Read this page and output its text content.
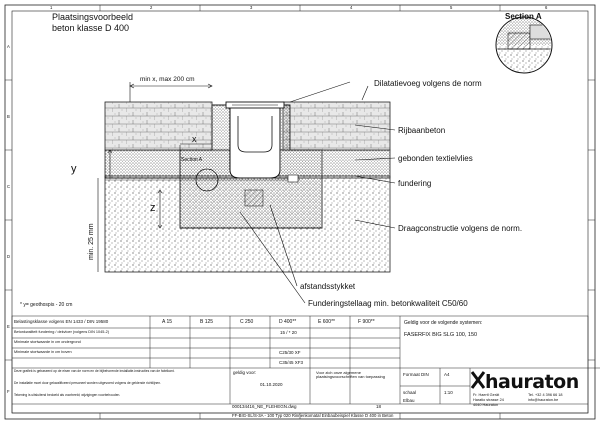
Plaatsingsvoorbeeld
beton klasse D 400
Section A
1	2	3	4	5	6
A
B
C
D
E
F
min x, max 200 cm
x
y
z
Section A
min. 25 mm
Dilatatievoeg volgens de norm
Rijbaanbeton
gebonden textielvlies
fundering
Draagconstructie volgens de norm.
afstandsstykket
Funderingstellaag min. betonkwaliteit C50/60
* y= geothospis - 20 cm
Belastingsklasse volgens EN 1433 / DIN 19580	A 15	B 125	C 250	D 400**	E 600**	F 900**
Betonkwaliteit fundering / dekvloer (volgens DIN 1045-2)	15 / * 20
Minimale stortwaarde in cm ondergrond
Minimale stortwaarde in cm boven	C25/30 XF
C35/45 XF3
Geldig voor de volgende systemen:
FASERFIX BIG SLG 100, 150
Deze grafiek is gebaseerd op de eisen van de norm en de bijbehorende installatie-instructies van de fabrikant.
De installatie moet door gekwalificeerd personeel worden uitgevoerd volgens de geldende richtlijnen.
Tekening is uitsluitend bedoeld als voorbeeld; wijzigingen voorbehouden.
geldig voor:
01.10.2020
Voor zich onze algemene plaatsingsvoorschriften van toepassing	Formaat DIN	A4
schaal	1:10
Elbau
000134416_NE_FLEHEGN.dwg	18
FF-BIG-SL/S-3A - 100 Typ 020 Rinnenkomatal Einbaubeispiel Klasse D 400 in Beton
hauraton
Fr. Haertl Gerät
Haratio strasse 24
4040 Hauraton
Tel. +32 4 396 66 18
info@hauraton.be
